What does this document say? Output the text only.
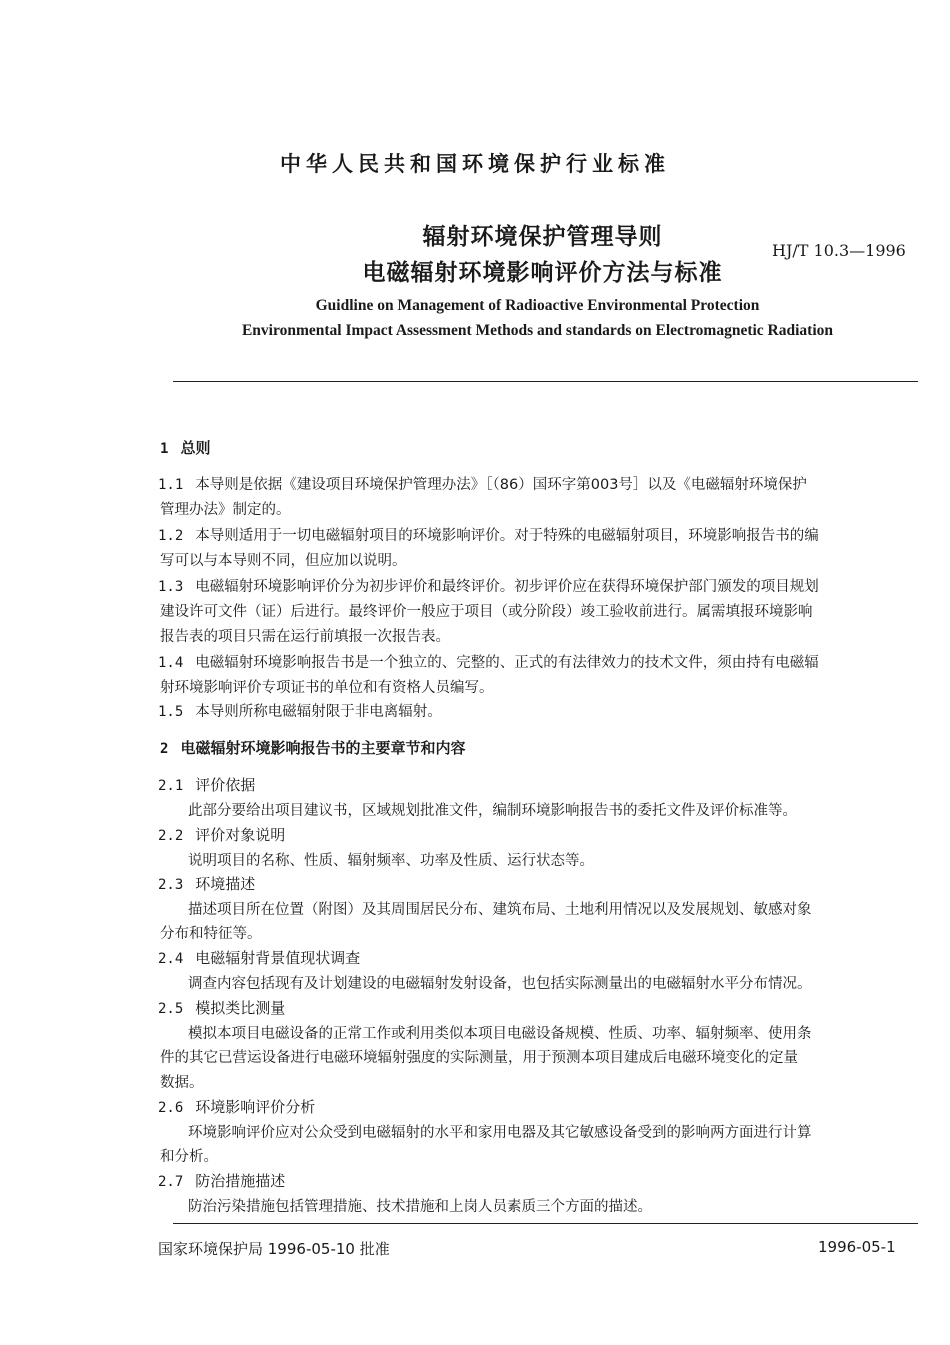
中华人民共和国环境保护行业标准
辐射环境保护管理导则
电磁辐射环境影响评价方法与标准
HJ/T 10.3—1996
Guidline on Management of Radioactive Environmental Protection
Environmental Impact Assessment Methods and standards on Electromagnetic Radiation
1 总则
1.1 本导则是依据《建设项目环境保护管理办法》［（86）国环字第003号］以及《电磁辐射环境保护
管理办法》制定的。
1.2 本导则适用于一切电磁辐射项目的环境影响评价。对于特殊的电磁辐射项目，环境影响报告书的编
写可以与本导则不同，但应加以说明。
1.3 电磁辐射环境影响评价分为初步评价和最终评价。初步评价应在获得环境保护部门颁发的项目规划
建设许可文件（证）后进行。最终评价一般应于项目（或分阶段）竣工验收前进行。属需填报环境影响
报告表的项目只需在运行前填报一次报告表。
1.4 电磁辐射环境影响报告书是一个独立的、完整的、正式的有法律效力的技术文件，须由持有电磁辐
射环境影响评价专项证书的单位和有资格人员编写。
1.5 本导则所称电磁辐射限于非电离辐射。
2 电磁辐射环境影响报告书的主要章节和内容
2.1 评价依据
此部分要给出项目建议书，区域规划批准文件，编制环境影响报告书的委托文件及评价标准等。
2.2 评价对象说明
说明项目的名称、性质、辐射频率、功率及性质、运行状态等。
2.3 环境描述
描述项目所在位置（附图）及其周围居民分布、建筑布局、土地利用情况以及发展规划、敏感对象
分布和特征等。
2.4 电磁辐射背景值现状调查
调查内容包括现有及计划建设的电磁辐射发射设备，也包括实际测量出的电磁辐射水平分布情况。
2.5 模拟类比测量
模拟本项目电磁设备的正常工作或利用类似本项目电磁设备规模、性质、功率、辐射频率、使用条
件的其它已营运设备进行电磁环境辐射强度的实际测量，用于预测本项目建成后电磁环境变化的定量
数据。
2.6 环境影响评价分析
环境影响评价应对公众受到电磁辐射的水平和家用电器及其它敏感设备受到的影响两方面进行计算
和分析。
2.7 防治措施描述
防治污染措施包括管理措施、技术措施和上岗人员素质三个方面的描述。
国家环境保护局 1996-05-10 批准	1996-05-1
